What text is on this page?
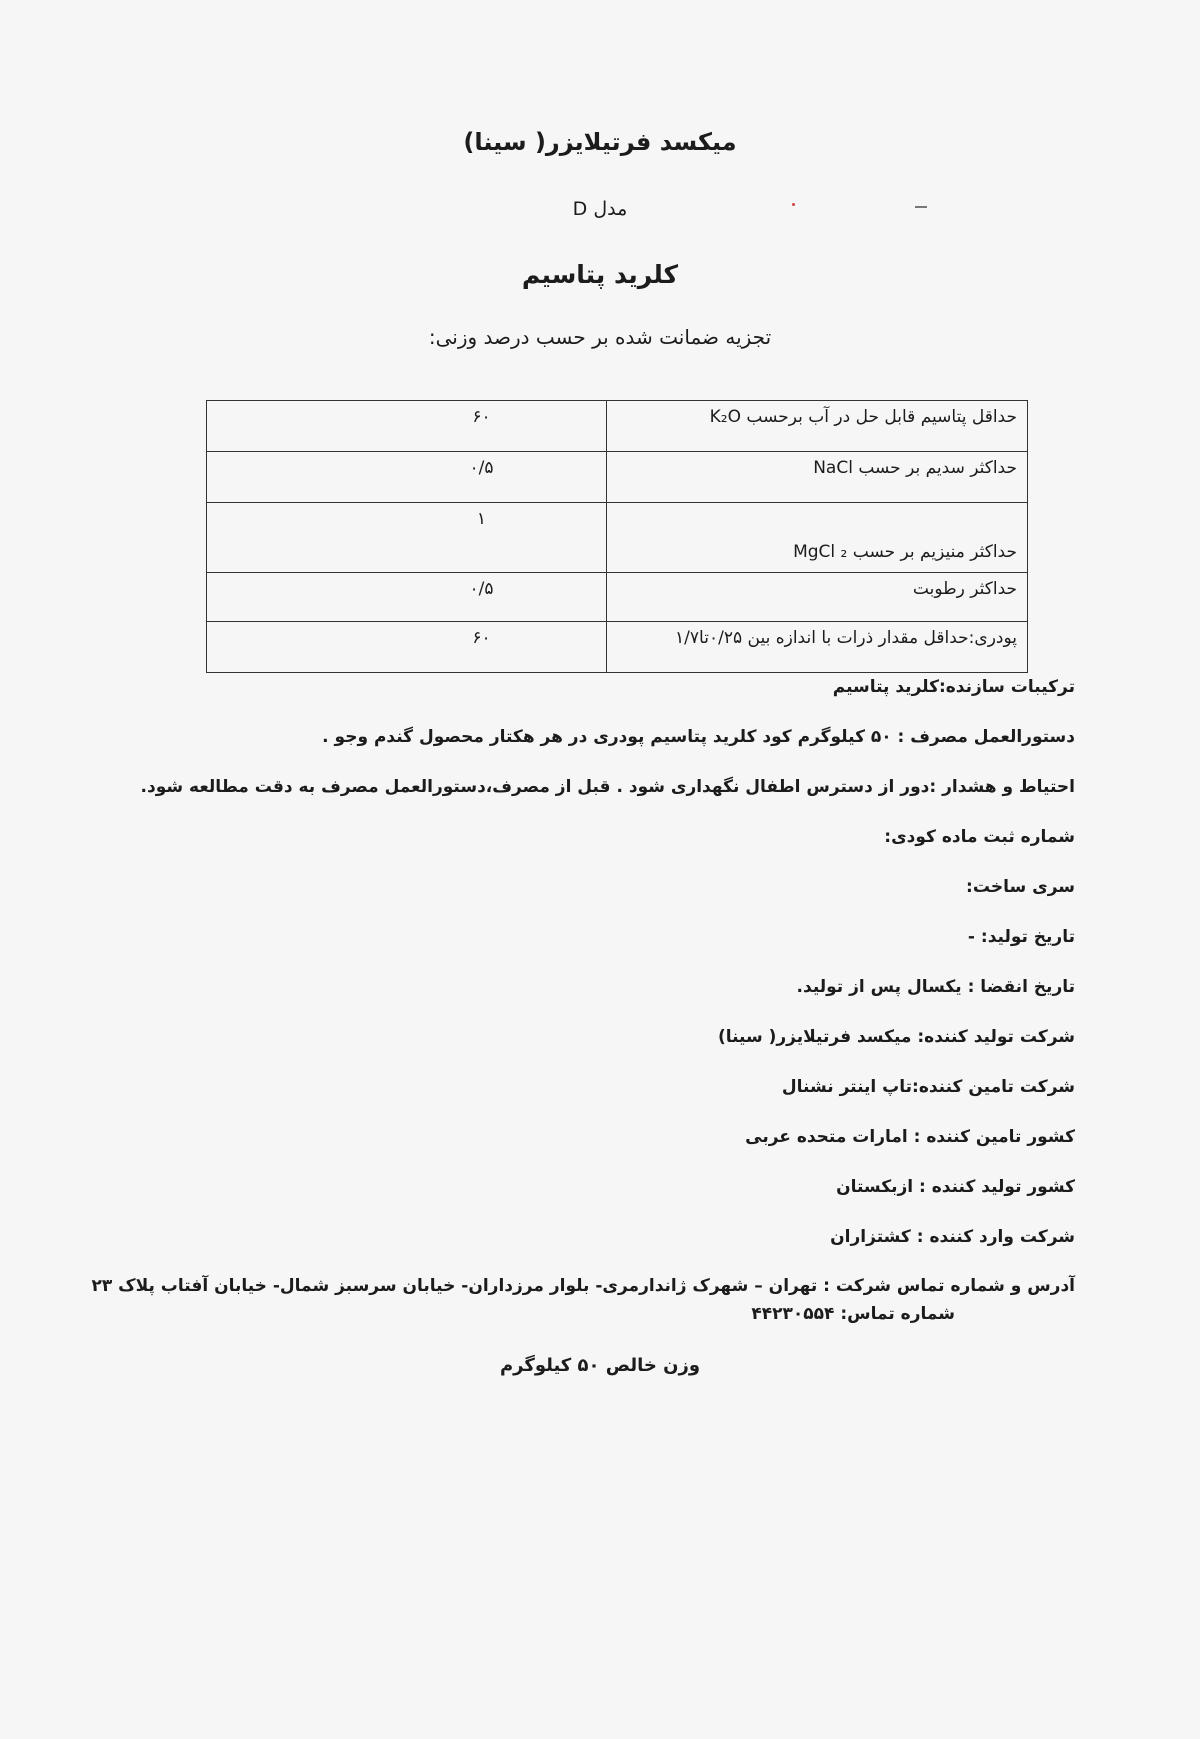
میکسد فرتیلایزر( سینا)
مدل D
کلرید پتاسیم
تجزیه ضمانت شده بر حسب درصد وزنی:
حداقل پتاسیم قابل حل در آب برحسب K₂O	۶۰
حداکثر سدیم بر حسب NaCl	۰/۵
حداکثر منیزیم بر حسب MgCl ₂	۱
حداکثر رطوبت	۰/۵
پودری:حداقل مقدار ذرات با اندازه بین ۰/۲۵تا۱/۷	۶۰
ترکیبات سازنده:کلرید پتاسیم
دستورالعمل مصرف : ۵۰ کیلوگرم کود کلرید پتاسیم پودری در هر هکتار محصول گندم وجو .
احتیاط و هشدار :دور از دسترس اطفال نگهداری شود . قبل از مصرف،دستورالعمل مصرف به دقت مطالعه شود.
شماره ثبت ماده کودی:
سری ساخت:
تاریخ تولید: -
تاریخ انقضا : یکسال پس از تولید.
شرکت تولید کننده: میکسد فرتیلایزر( سینا)
شرکت تامین کننده:تاپ اینتر نشنال
کشور تامین کننده : امارات متحده عربی
کشور تولید کننده : ازبکستان
شرکت وارد کننده : کشتزاران
آدرس و شماره تماس شرکت : تهران – شهرک ژاندارمری- بلوار مرزداران- خیابان سرسبز شمال- خیابان آفتاب پلاک ۲۳
شماره تماس: ۴۴۲۳۰۵۵۴
وزن خالص ۵۰ کیلوگرم
